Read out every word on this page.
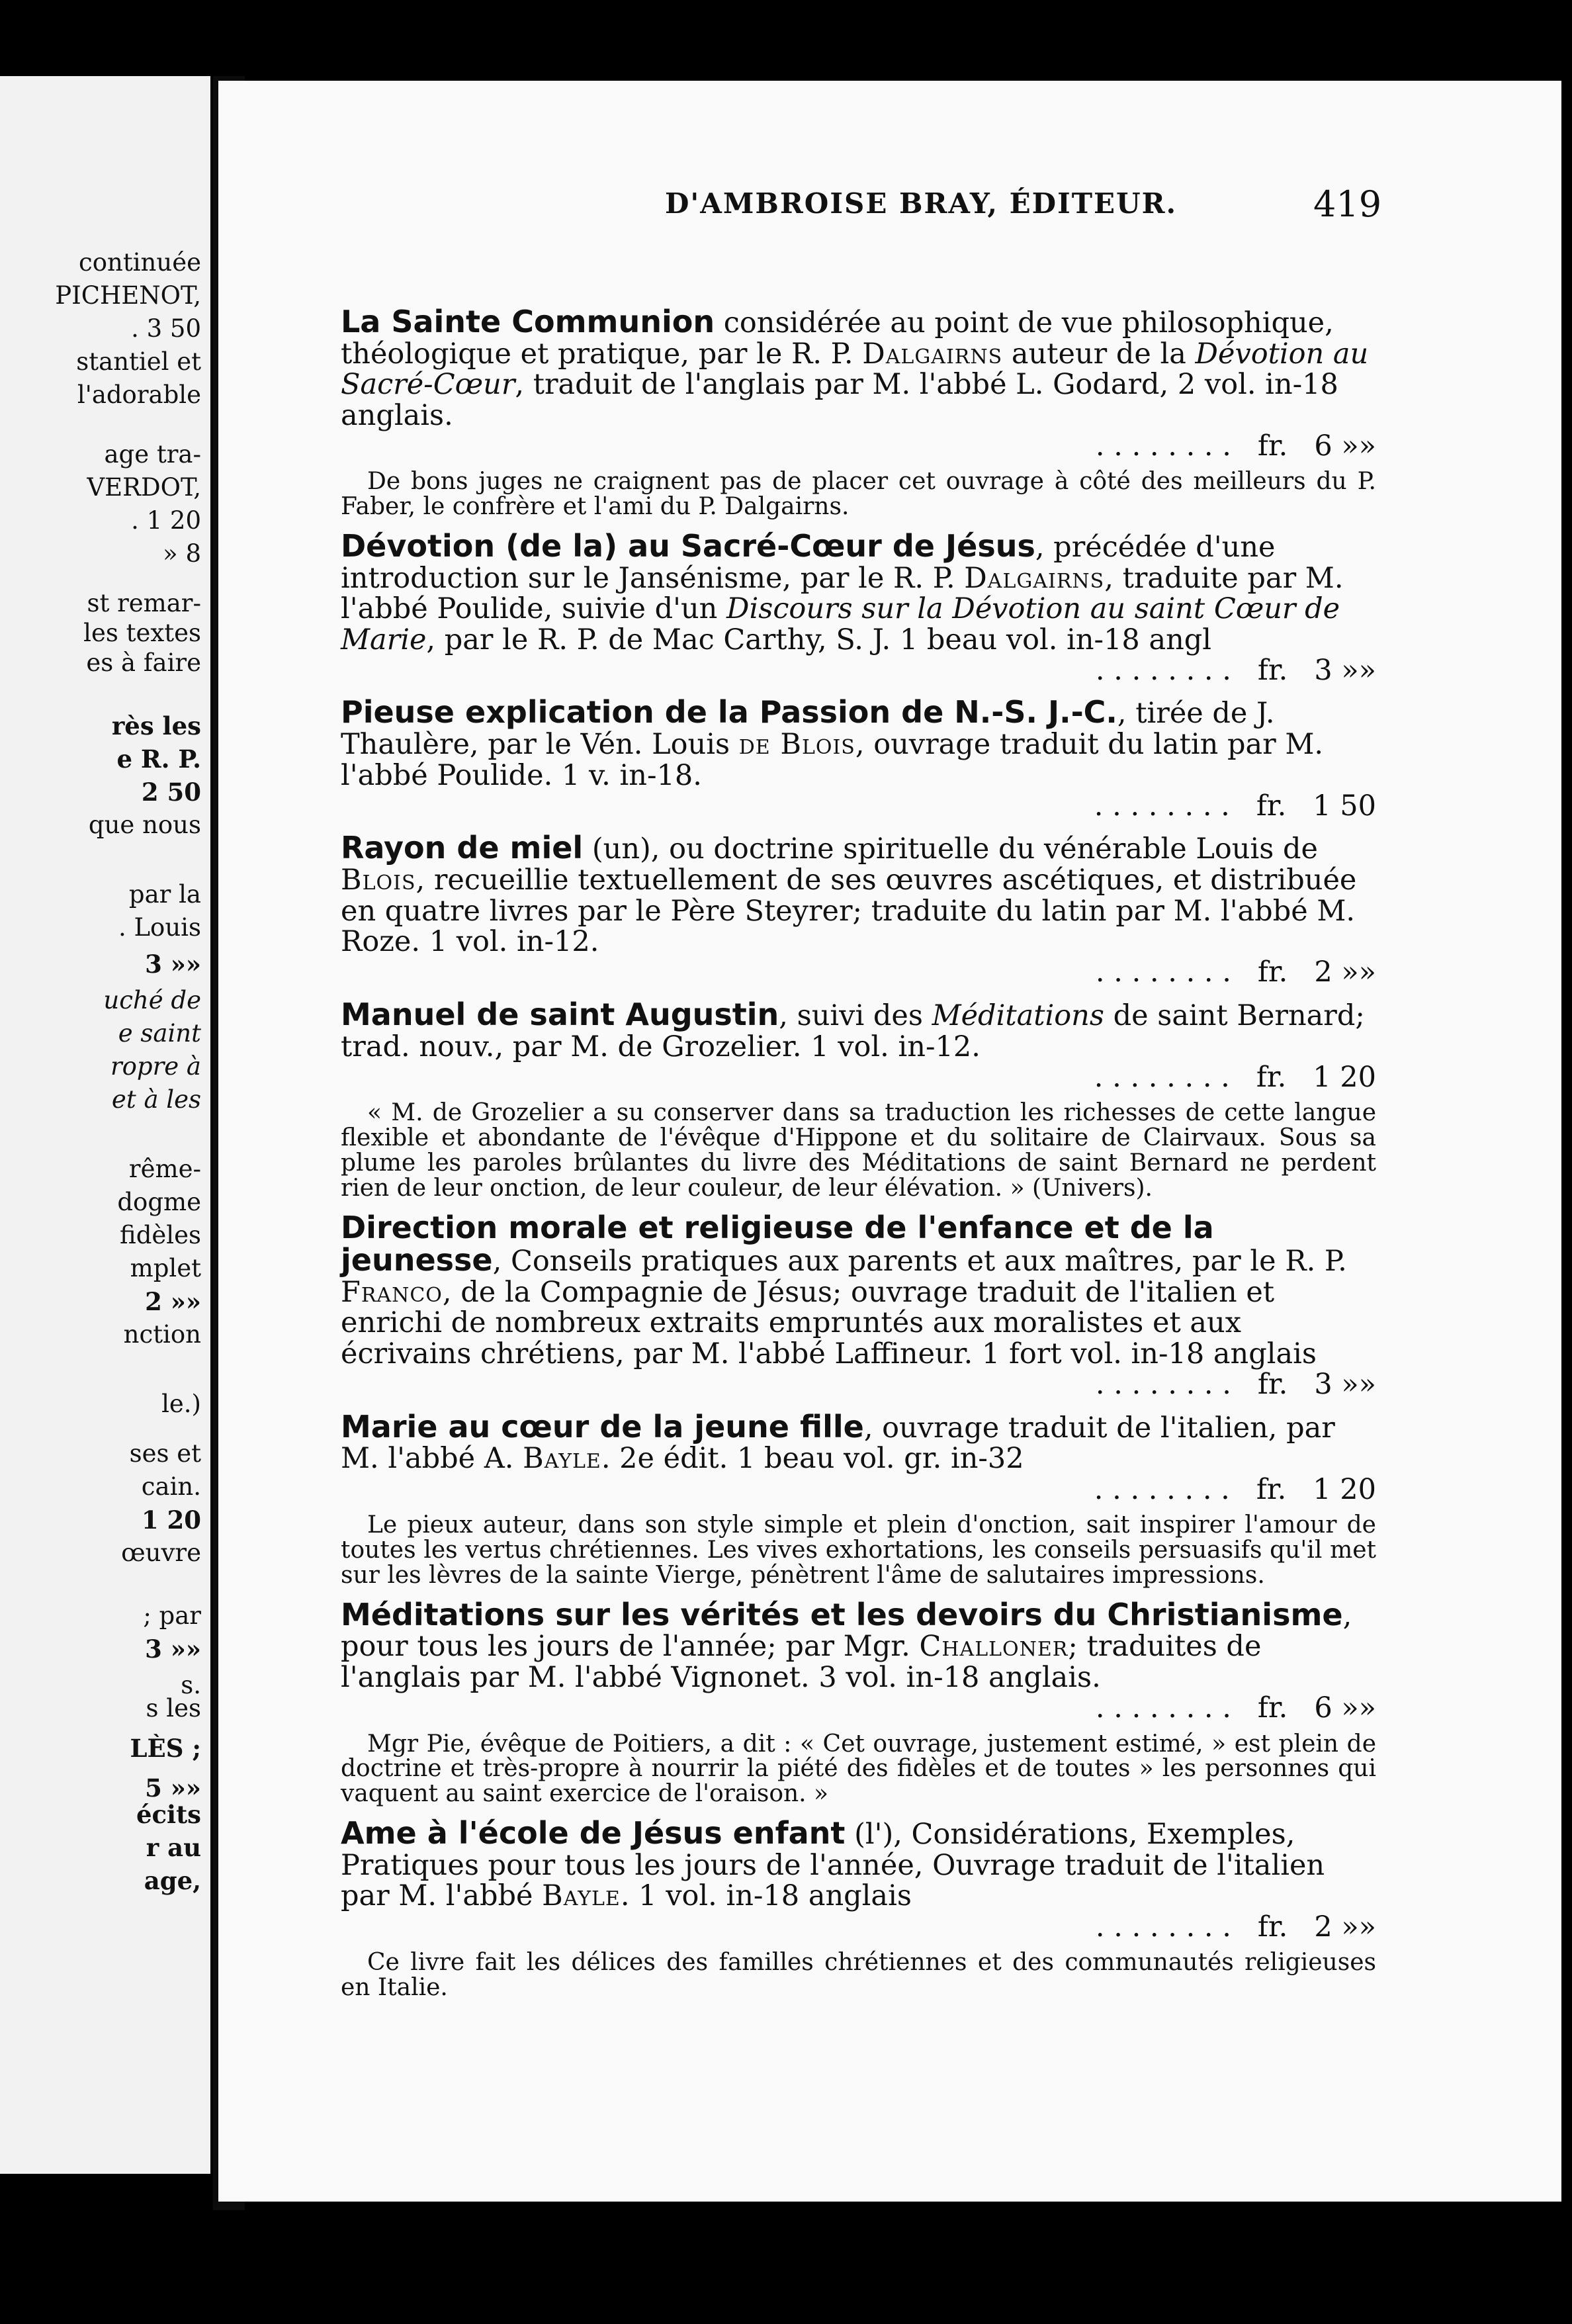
continuée
PICHENOT,
. 3 50
stantiel et
l'adorable
age tra-
VERDOT,
. 1 20
» 8
st remar-
les textes
es à faire
rès les
e R. P.
2 50
que nous
par la
. Louis
3 »»
uché de
e saint
ropre à
et à les
rême-
dogme
fidèles
mplet
2 »»
nction
le.)
ses et
cain.
1 20
œuvre
; par
3 »»
s.
s les
LÈS ;
5 »»
écits
r au
age,
D'AMBROISE BRAY, ÉDITEUR.	419
La Sainte Communion considérée au point de vue philosophique, théologique et pratique, par le R. P. Dalgairns auteur de la Dévotion au Sacré-Cœur, traduit de l'anglais par M. l'abbé L. Godard, 2 vol. in-18 anglais.
. . . . . . . . fr. 6 »»
De bons juges ne craignent pas de placer cet ouvrage à côté des meilleurs du P. Faber, le confrère et l'ami du P. Dalgairns.
Dévotion (de la) au Sacré-Cœur de Jésus, précédée d'une introduction sur le Jansénisme, par le R. P. Dalgairns, traduite par M. l'abbé Poulide, suivie d'un Discours sur la Dévotion au saint Cœur de Marie, par le R. P. de Mac Carthy, S. J. 1 beau vol. in-18 angl
. . . . . . . . fr. 3 »»
Pieuse explication de la Passion de N.-S. J.-C., tirée de J. Thaulère, par le Vén. Louis de Blois, ouvrage traduit du latin par M. l'abbé Poulide. 1 v. in-18.
. . . . . . . . fr. 1 50
Rayon de miel (un), ou doctrine spirituelle du vénérable Louis de Blois, recueillie textuellement de ses œuvres ascétiques, et distribuée en quatre livres par le Père Steyrer; traduite du latin par M. l'abbé M. Roze. 1 vol. in-12.
. . . . . . . . fr. 2 »»
Manuel de saint Augustin, suivi des Méditations de saint Bernard; trad. nouv., par M. de Grozelier. 1 vol. in-12.
. . . . . . . . fr. 1 20
« M. de Grozelier a su conserver dans sa traduction les richesses de cette langue flexible et abondante de l'évêque d'Hippone et du solitaire de Clairvaux. Sous sa plume les paroles brûlantes du livre des Méditations de saint Bernard ne perdent rien de leur onction, de leur couleur, de leur élévation. » (Univers).
Direction morale et religieuse de l'enfance et de la jeunesse, Conseils pratiques aux parents et aux maîtres, par le R. P. Franco, de la Compagnie de Jésus; ouvrage traduit de l'italien et enrichi de nombreux extraits empruntés aux moralistes et aux écrivains chrétiens, par M. l'abbé Laffineur. 1 fort vol. in-18 anglais
. . . . . . . . fr. 3 »»
Marie au cœur de la jeune fille, ouvrage traduit de l'italien, par M. l'abbé A. Bayle. 2e édit. 1 beau vol. gr. in-32
. . . . . . . . fr. 1 20
Le pieux auteur, dans son style simple et plein d'onction, sait inspirer l'amour de toutes les vertus chrétiennes. Les vives exhortations, les conseils persuasifs qu'il met sur les lèvres de la sainte Vierge, pénètrent l'âme de salutaires impressions.
Méditations sur les vérités et les devoirs du Christianisme, pour tous les jours de l'année; par Mgr. Challoner; traduites de l'anglais par M. l'abbé Vignonet. 3 vol. in-18 anglais.
. . . . . . . . fr. 6 »»
Mgr Pie, évêque de Poitiers, a dit : « Cet ouvrage, justement estimé, » est plein de doctrine et très-propre à nourrir la piété des fidèles et de toutes » les personnes qui vaquent au saint exercice de l'oraison. »
Ame à l'école de Jésus enfant (l'), Considérations, Exemples, Pratiques pour tous les jours de l'année, Ouvrage traduit de l'italien par M. l'abbé Bayle. 1 vol. in-18 anglais
. . . . . . . . fr. 2 »»
Ce livre fait les délices des familles chrétiennes et des communautés religieuses en Italie.
